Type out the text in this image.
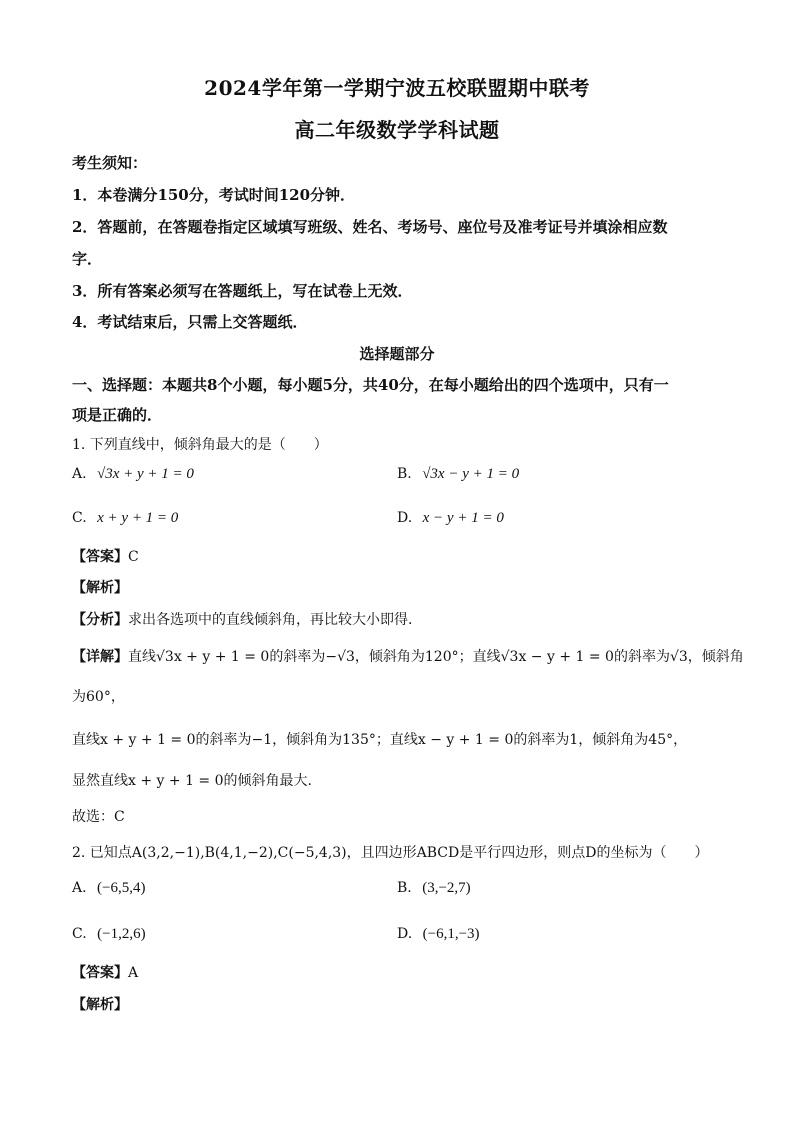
2024学年第一学期宁波五校联盟期中联考
高二年级数学学科试题
考生须知：
1．本卷满分150分，考试时间120分钟．
2．答题前，在答题卷指定区域填写班级、姓名、考场号、座位号及准考证号并填涂相应数
字．
3．所有答案必须写在答题纸上，写在试卷上无效．
4．考试结束后，只需上交答题纸．
选择题部分
一、选择题：本题共8个小题，每小题5分，共40分，在每小题给出的四个选项中，只有一
项是正确的．
1. 下列直线中，倾斜角最大的是（　　）
A. √3x + y + 1 = 0	B. √3x − y + 1 = 0
C. x + y + 1 = 0	D. x − y + 1 = 0
【答案】C
【解析】
【分析】求出各选项中的直线倾斜角，再比较大小即得.
【详解】直线√3x + y + 1 = 0的斜率为−√3，倾斜角为120°；直线√3x − y + 1 = 0的斜率为√3，倾斜角
为60°，
直线x + y + 1 = 0的斜率为−1，倾斜角为135°；直线x − y + 1 = 0的斜率为1，倾斜角为45°，
显然直线x + y + 1 = 0的倾斜角最大.
故选：C
2. 已知点A(3,2,−1),B(4,1,−2),C(−5,4,3)，且四边形ABCD是平行四边形，则点D的坐标为（　　）
A. (−6,5,4)	B. (3,−2,7)
C. (−1,2,6)	D. (−6,1,−3)
【答案】A
【解析】
